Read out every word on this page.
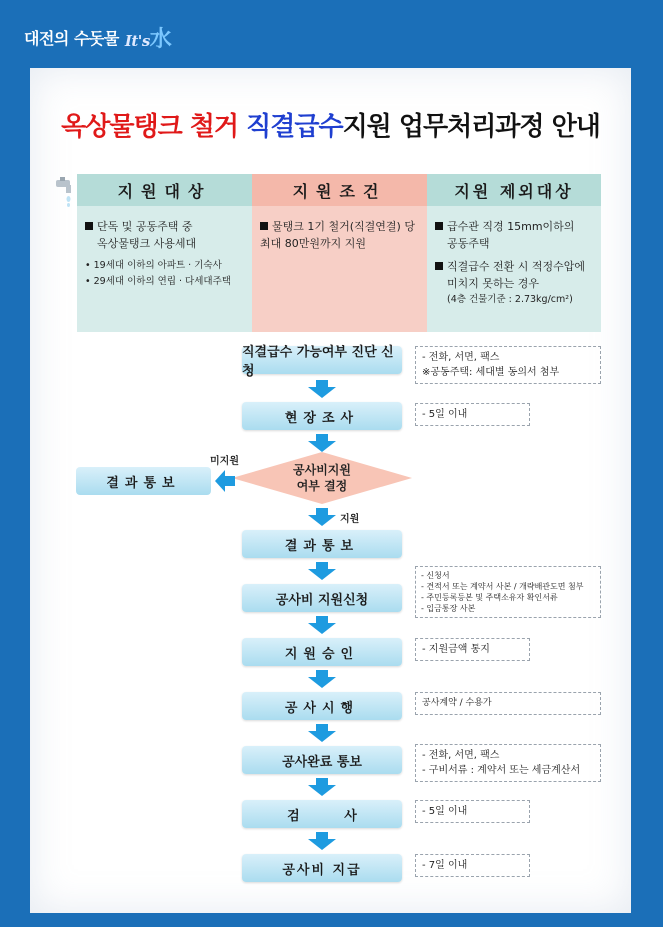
대전의 수돗물 It's水
옥상물탱크 철거 직결급수지원 업무처리과정 안내
지원대상
단독 및 공동주택 중
옥상물탱크 사용세대
• 19세대 이하의 아파트 · 기숙사
• 29세대 이하의 연립 · 다세대주택
지원조건
물탱크 1기 철거(직결연결) 당
최대 80만원까지 지원
지원 제외대상
급수관 직경 15mm이하의
공동주택
직결급수 전환 시 적정수압에
미치지 못하는 경우
(4층 건물기준 : 2.73kg/cm²)
직결급수 가능여부 진단 신청
- 전화, 서면, 팩스
※공동주택: 세대별 동의서 첨부
현장조사	- 5일 이내
공사비지원
여부 결정
미지원
결과통보
지원
결과통보
공사비 지원신청
- 신청서
- 견적서 또는 계약서 사본 / 개략배관도면 첨부
- 주민등록등본 및 주택소유자 확인서류
- 입금통장 사본
지원승인	- 지원금액 통지
공사시행	공사계약 / 수용가
공사완료 통보	- 전화, 서면, 팩스
- 구비서류 : 계약서 또는 세금계산서
검 사	- 5일 이내
공사비 지급	- 7일 이내
